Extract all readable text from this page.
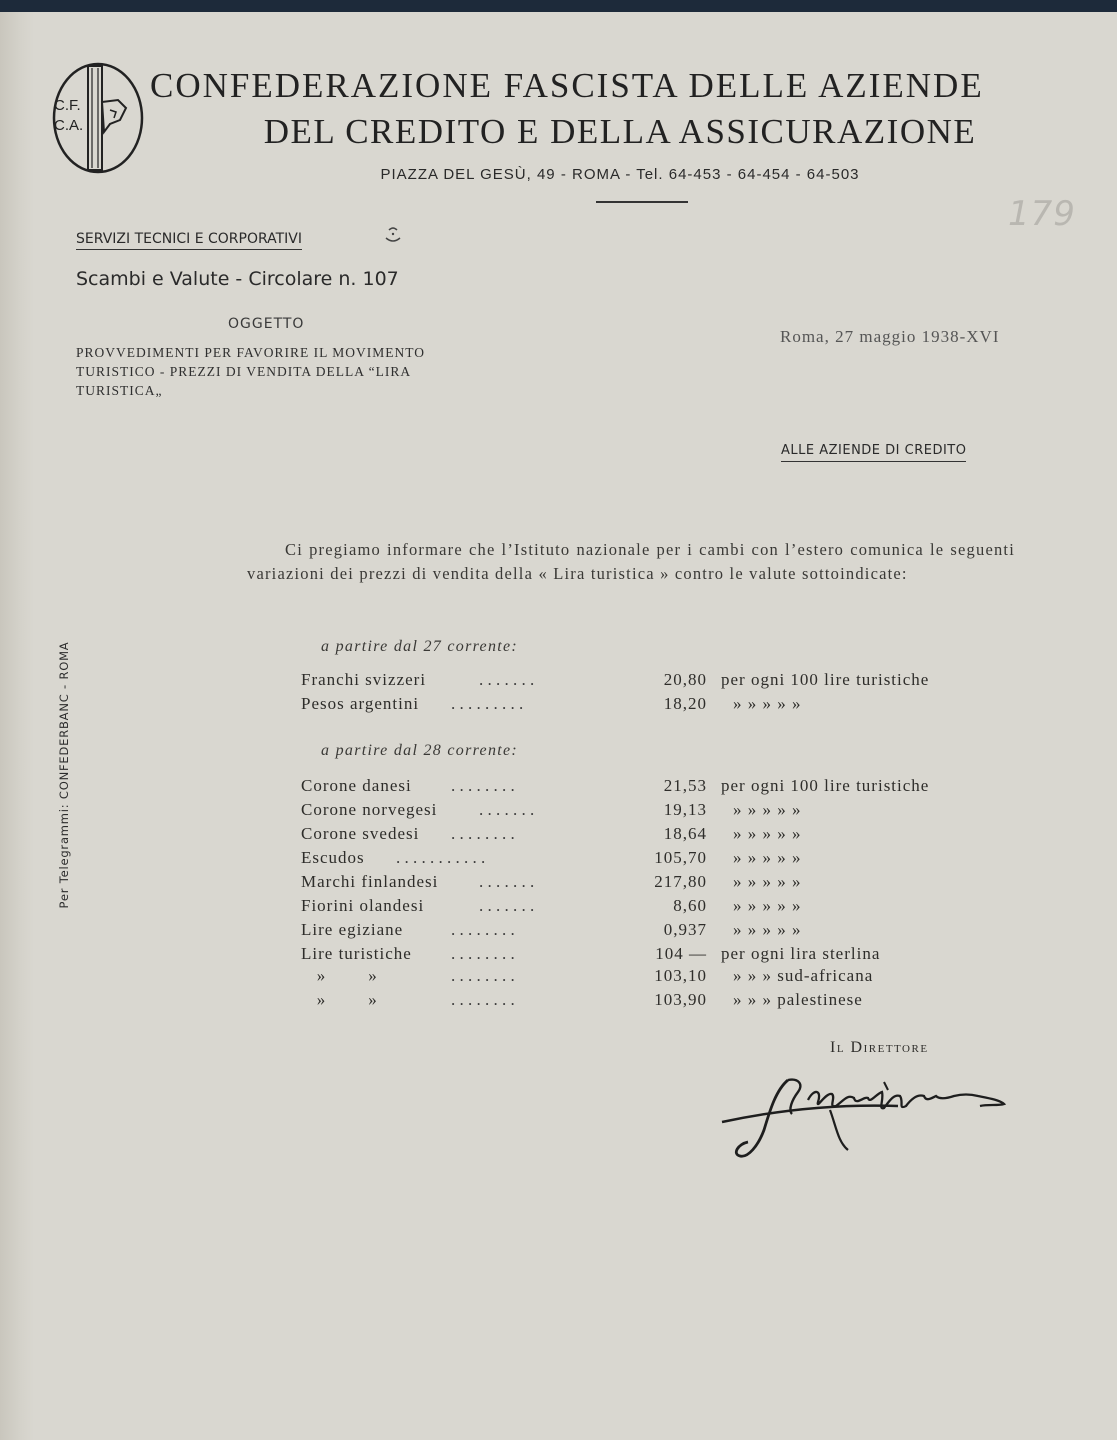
C.F.
C.A.
CONFEDERAZIONE FASCISTA DELLE AZIENDE
DEL CREDITO E DELLA ASSICURAZIONE
PIAZZA DEL GESÙ, 49 - ROMA - Tel. 64-453 - 64-454 - 64-503
179
SERVIZI TECNICI E CORPORATIVI
Scambi e Valute - Circolare n. 107
OGGETTO
PROVVEDIMENTI PER FAVORIRE IL MOVIMENTO TURISTICO - PREZZI DI VENDITA DELLA “LIRA TURISTICA„
Roma, 27 maggio 1938-XVI
ALLE AZIENDE DI CREDITO
Ci pregiamo informare che l’Istituto nazionale per i cambi con l’estero comunica le seguenti variazioni dei prezzi di vendita della « Lira turistica » contro le valute sottoindicate:
a partire dal 27 corrente:
Franchi svizzeri	. . . . . . .	20,80 per ogni 100 lire turistiche
Pesos argentini . . . . . . . . .	18,20 » » » » »
a partire dal 28 corrente:
Corone danesi . . . . . . . .	21,53 per ogni 100 lire turistiche
Corone norvegesi . . . . . . .	19,13 » » » » »
Corone svedesi . . . . . . . .	18,64 » » » » »
Escudos . . . . . . . . . . .	105,70 » » » » »
Marchi finlandesi . . . . . . .	217,80 » » » » »
Fiorini olandesi	. . . . . . .	8,60 » » » » »
Lire egiziane	. . . . . . . .	0,937 » » » » »
Lire turistiche . . . . . . . .	104 — per ogni lira sterlina
»        »	. . . . . . . .	103,10 » » » sud-africana
»        »	. . . . . . . .	103,90 » » » palestinese
Il Direttore
Per Telegrammi: CONFEDERBANC - ROMA
